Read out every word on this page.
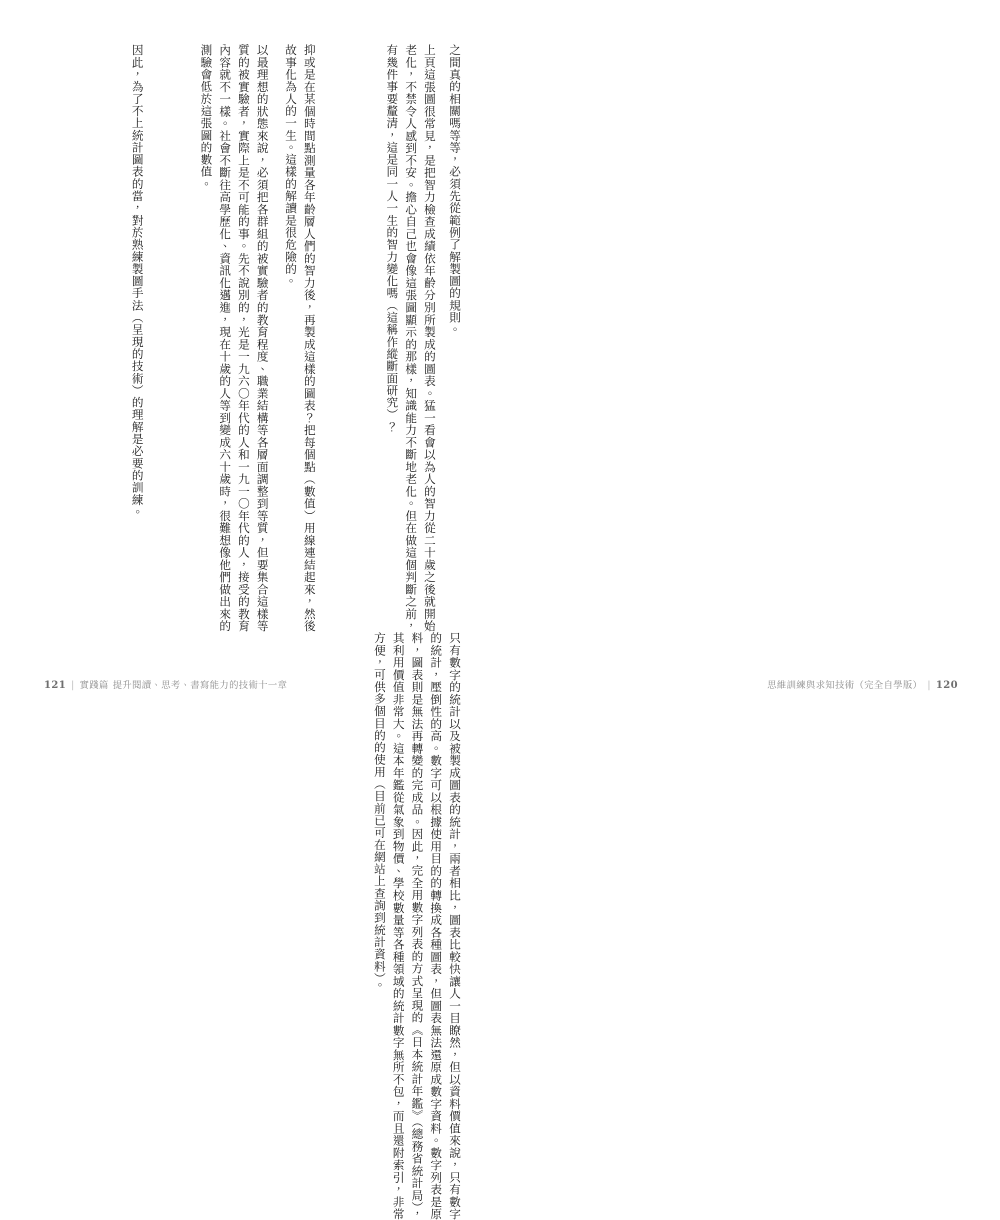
之間真的相關嗎等等，必須先從範例了解製圖的規則。 上頁這張圖很常見，是把智力檢查成績依年齡分別所製成的圖表。猛一看會以為人的智力從二十歲之後就開始老化，不禁令人感到不安。擔心自己也會像這張圖顯示的那樣，知識能力不斷地老化。但在做這個判斷之前，有幾件事要釐清，這是同一人一生的智力變化嗎（這稱作縱斷面研究）？ 抑或是在某個時間點測量各年齡層人們的智力後，再製成這樣的圖表？把每個點（數值）用線連結起來，然後故事化為人的一生。這樣的解讀是很危險的。 以最理想的狀態來說，必須把各群組的被實驗者的教育程度、職業結構等各層面調整到等質，但要集合這樣等質的被實驗者，實際上是不可能的事。先不說別的，光是一九六〇年代的人和一九一〇年代的人，接受的教育內容就不一樣。社會不斷往高學歷化、資訊化邁進，現在十歲的人等到變成六十歲時，很難想像他們做出來的測驗會低於這張圖的數值。 因此，為了不上統計圖表的當，對於熟練製圖手法（呈現的技術）的理解是必要的訓練。 只有數字的統計以及被製成圖表的統計，兩者相比，圖表比較快讓人一目瞭然，但以資料價值來說，只有數字的統計，壓倒性的高。數字可以根據使用目的的轉換成各種圖表，但圖表無法還原成數字資料。數字列表是原料，圖表則是無法再轉變的完成品。因此，完全用數字列表的方式呈現的《日本統計年鑑》（總務省統計局），其利用價值非常大。這本年鑑從氣象到物價、學校數量等各種領域的統計數字無所不包，而且還附索引，非常方便，可供多個目的的使用（目前已可在網站上查詢到統計資料）。
121 | 實踐篇 提升閱讀、思考、書寫能力的技術十一章
	思維訓練與求知技術（完全自學版） | 120
